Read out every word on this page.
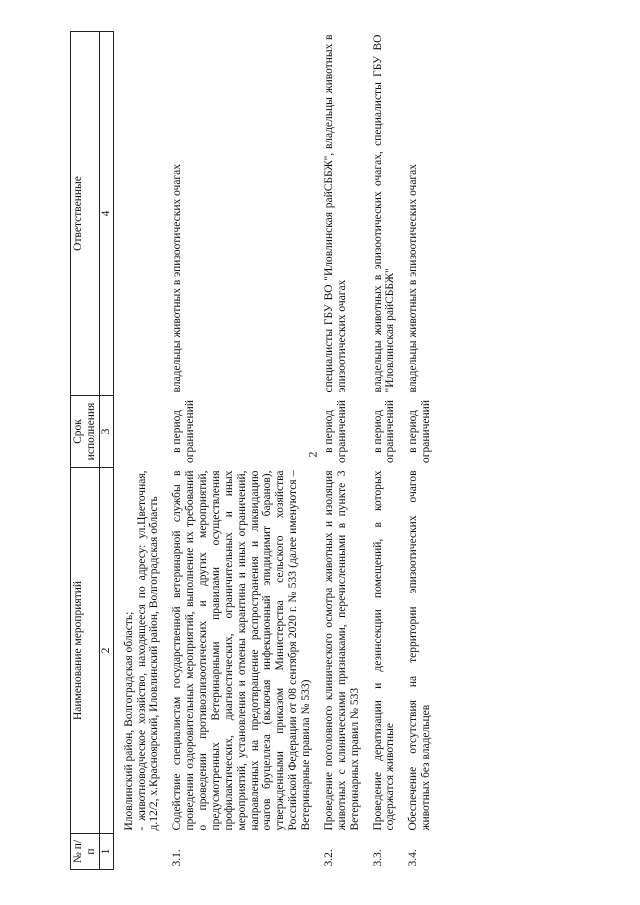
2
№ п/п	Наименование мероприятий	Срок исполнения	Ответственные
1	2	3	4

	Иловлинский район, Волгоградская область; - животноводческое хозяйство, находящееся по адресу: ул.Цветочная, д.12/2, х.Красноярский, Иловлинский район, Волгоградская область		

3.1.	Содействие специалистам государственной ветеринарной службы в проведении оздоровительных мероприятий, выполнение их требований о проведении противоэпизоотических и других мероприятий, предусмотренных Ветеринарными правилами осуществления профилактических, диагностических, ограничительных и иных мероприятий, установления и отмены карантина и иных ограничений, направленных на предотвращение распространения и ликвидацию очагов бруцеллеза (включая инфекционный эпидидимит баранов), утвержденными приказом Министерства сельского хозяйства Российской Федерации от 08 сентября 2020 г. № 533 (далее именуются – Ветеринарные правила № 533)	в период ограничений	владельцы животных в эпизоотических очагах

3.2.	Проведение поголовного клинического осмотра животных и изоляция животных с клиническими признаками, перечисленными в пункте 3 Ветеринарных правил № 533	в период ограничений	специалисты ГБУ ВО "Иловлинская райСББЖ", владельцы животных в эпизоотических очагах

3.3.	Проведение дератизации и дезинсекции помещений, в которых содержатся животные	в период ограничений	владельцы животных в эпизоотических очагах, специалисты ГБУ ВО "Иловлинская райСББЖ"

3.4.	Обеспечение отсутствия на территории эпизоотических очагов животных без владельцев	в период ограничений	владельцы животных в эпизоотических очагах
